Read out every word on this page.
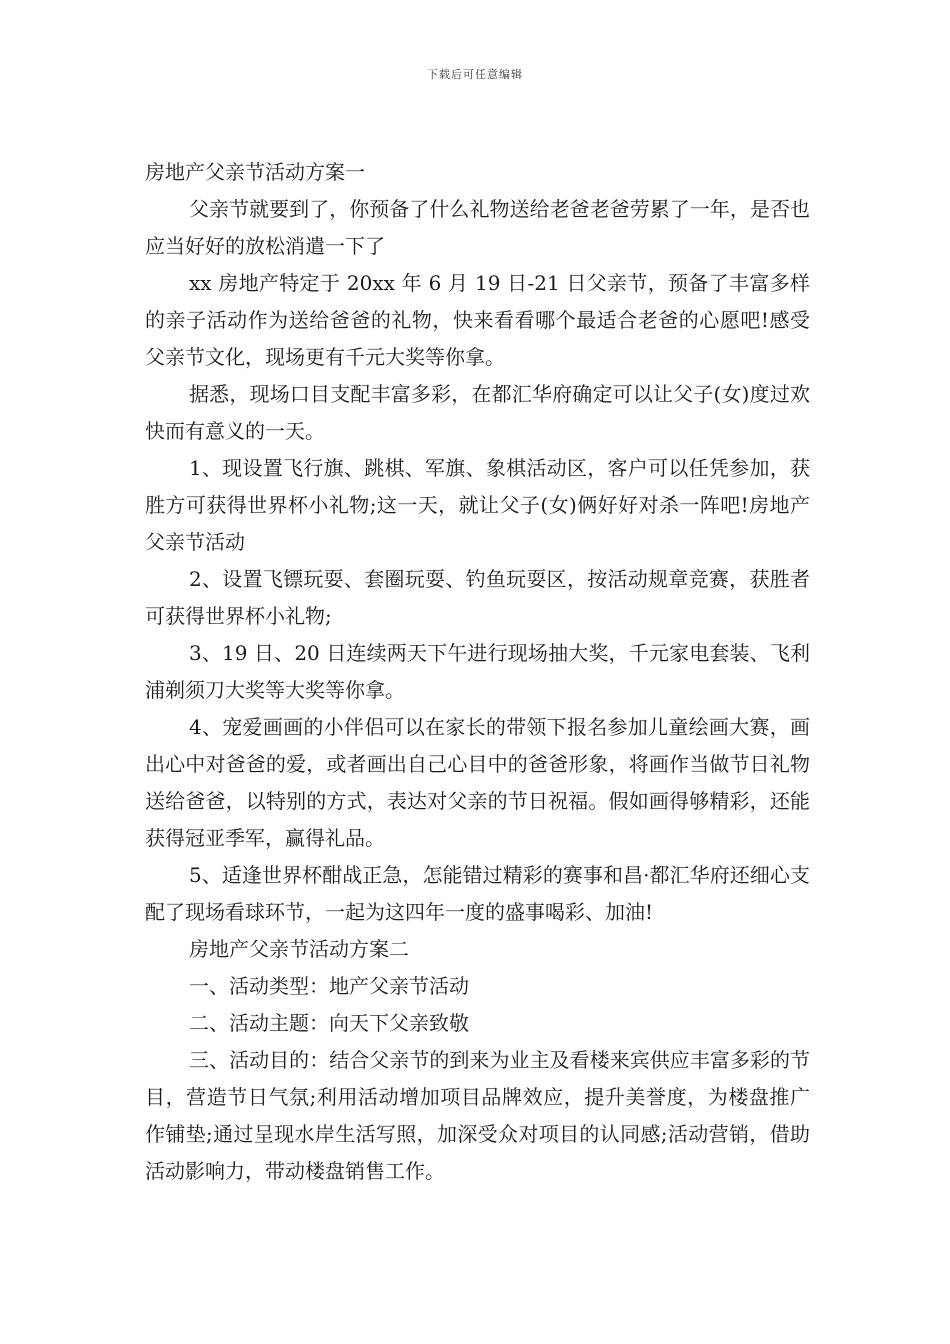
下载后可任意编辑

房地产父亲节活动方案一

父亲节就要到了，你预备了什么礼物送给老爸老爸劳累了一年，是否也应当好好的放松消遣一下了

xx 房地产特定于 20xx 年 6 月 19 日-21 日父亲节，预备了丰富多样的亲子活动作为送给爸爸的礼物，快来看看哪个最适合老爸的心愿吧!感受父亲节文化，现场更有千元大奖等你拿。

据悉，现场口目支配丰富多彩，在都汇华府确定可以让父子(女)度过欢快而有意义的一天。

1、现设置飞行旗、跳棋、军旗、象棋活动区，客户可以任凭参加，获胜方可获得世界杯小礼物;这一天，就让父子(女)俩好好对杀一阵吧!房地产父亲节活动

2、设置飞镖玩耍、套圈玩耍、钓鱼玩耍区，按活动规章竞赛，获胜者可获得世界杯小礼物;

3、19 日、20 日连续两天下午进行现场抽大奖，千元家电套装、飞利浦剃须刀大奖等大奖等你拿。

4、宠爱画画的小伴侣可以在家长的带领下报名参加儿童绘画大赛，画出心中对爸爸的爱，或者画出自己心目中的爸爸形象，将画作当做节日礼物送给爸爸，以特别的方式，表达对父亲的节日祝福。假如画得够精彩，还能获得冠亚季军，赢得礼品。

5、适逢世界杯酣战正急，怎能错过精彩的赛事和昌·都汇华府还细心支配了现场看球环节，一起为这四年一度的盛事喝彩、加油!

房地产父亲节活动方案二

一、活动类型：地产父亲节活动

二、活动主题：向天下父亲致敬

三、活动目的：结合父亲节的到来为业主及看楼来宾供应丰富多彩的节目，营造节日气氛;利用活动增加项目品牌效应，提升美誉度，为楼盘推广作铺垫;通过呈现水岸生活写照，加深受众对项目的认同感;活动营销，借助活动影响力，带动楼盘销售工作。
